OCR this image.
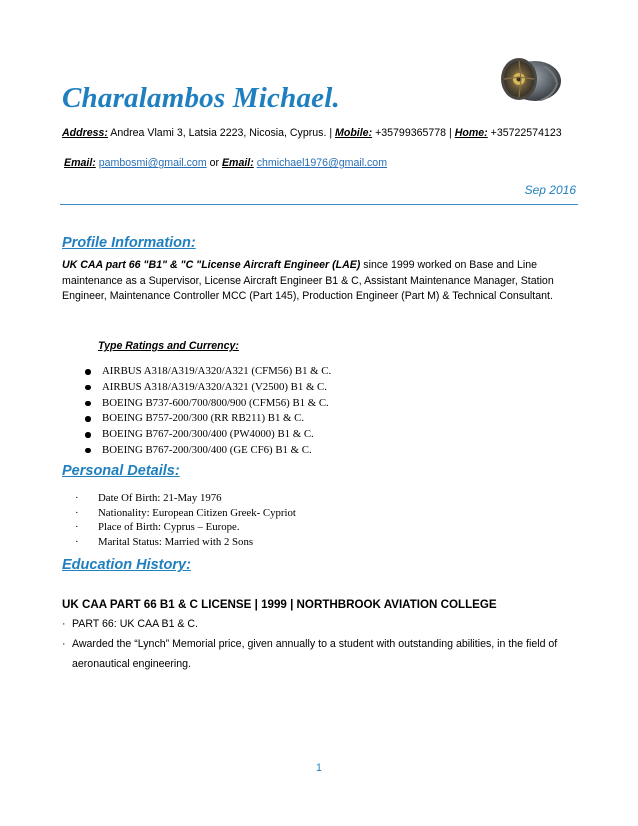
Charalambos Michael.
Address: Andrea Vlami 3, Latsia 2223, Nicosia, Cyprus. | Mobile: +35799365778 | Home: +35722574123
Email: pambosmi@gmail.com or Email: chmichael1976@gmail.com
Sep 2016
Profile Information:
UK CAA part 66 "B1" & "C "License Aircraft Engineer (LAE) since 1999 worked on Base and Line maintenance as a Supervisor, License Aircraft Engineer B1 & C, Assistant Maintenance Manager, Station Engineer, Maintenance Controller MCC (Part 145), Production Engineer (Part M) & Technical Consultant.
Type Ratings and Currency:
AIRBUS A318/A319/A320/A321 (CFM56) B1 & C.
AIRBUS A318/A319/A320/A321 (V2500) B1 & C.
BOEING B737-600/700/800/900 (CFM56) B1 & C.
BOEING B757-200/300 (RR RB211) B1 & C.
BOEING B767-200/300/400 (PW4000) B1 & C.
BOEING B767-200/300/400 (GE CF6) B1 & C.
Personal Details:
· Date Of Birth: 21-May 1976
· Nationality: European Citizen Greek- Cypriot
· Place of Birth: Cyprus – Europe.
· Marital Status: Married with 2 Sons
Education History:
UK CAA PART 66 B1 & C LICENSE | 1999 | NORTHBROOK AVIATION COLLEGE
· PART 66: UK CAA B1 & C.
· Awarded the “Lynch” Memorial price, given annually to a student with outstanding abilities, in the field of aeronautical engineering.
1
